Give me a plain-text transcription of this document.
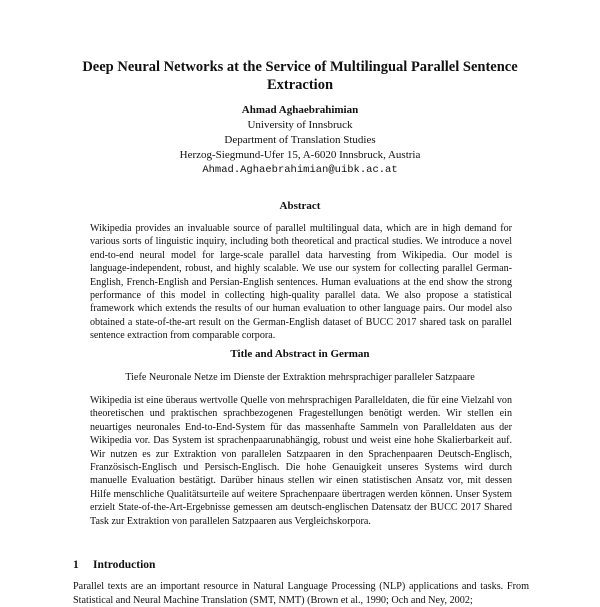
Deep Neural Networks at the Service of Multilingual Parallel Sentence Extraction
Ahmad Aghaebrahimian
University of Innsbruck
Department of Translation Studies
Herzog-Siegmund-Ufer 15, A-6020 Innsbruck, Austria
Ahmad.Aghaebrahimian@uibk.ac.at
Abstract
Wikipedia provides an invaluable source of parallel multilingual data, which are in high demand for various sorts of linguistic inquiry, including both theoretical and practical studies. We introduce a novel end-to-end neural model for large-scale parallel data harvesting from Wikipedia. Our model is language-independent, robust, and highly scalable. We use our system for collecting parallel German-English, French-English and Persian-English sentences. Human evaluations at the end show the strong performance of this model in collecting high-quality parallel data. We also propose a statistical framework which extends the results of our human evaluation to other language pairs. Our model also obtained a state-of-the-art result on the German-English dataset of BUCC 2017 shared task on parallel sentence extraction from comparable corpora.
Title and Abstract in German
Tiefe Neuronale Netze im Dienste der Extraktion mehrsprachiger paralleler Satzpaare
Wikipedia ist eine überaus wertvolle Quelle von mehrsprachigen Paralleldaten, die für eine Vielzahl von theoretischen und praktischen sprachbezogenen Fragestellungen benötigt werden. Wir stellen ein neuartiges neuronales End-to-End-System für das massenhafte Sammeln von Paralleldaten aus der Wikipedia vor. Das System ist sprachenpaarunabhängig, robust und weist eine hohe Skalierbarkeit auf. Wir nutzen es zur Extraktion von parallelen Satzpaaren in den Sprachenpaaren Deutsch-Englisch, Französisch-Englisch und Persisch-Englisch. Die hohe Genauigkeit unseres Systems wird durch manuelle Evaluation bestätigt. Darüber hinaus stellen wir einen statistischen Ansatz vor, mit dessen Hilfe menschliche Qualitätsurteile auf weitere Sprachenpaare übertragen werden können. Unser System erzielt State-of-the-Art-Ergebnisse gemessen am deutsch-englischen Datensatz der BUCC 2017 Shared Task zur Extraktion von parallelen Satzpaaren aus Vergleichskorpora.
1 Introduction
Parallel texts are an important resource in Natural Language Processing (NLP) applications and tasks. From Statistical and Neural Machine Translation (SMT, NMT) (Brown et al., 1990; Och and Ney, 2002;
